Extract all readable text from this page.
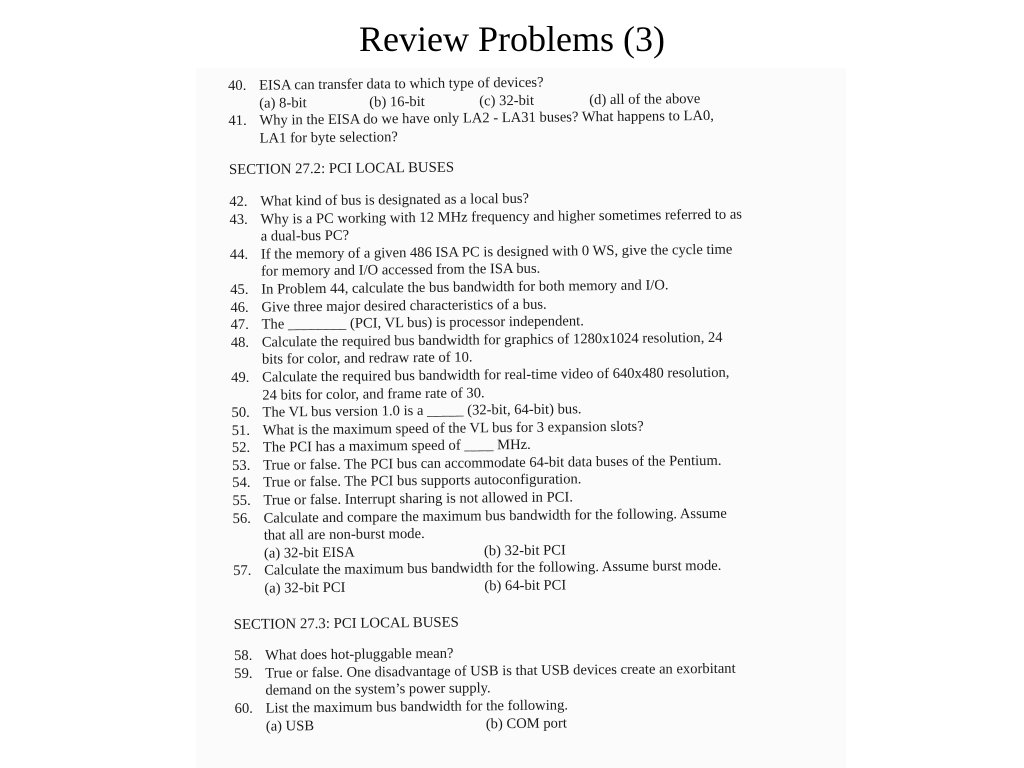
Review Problems (3)
40. EISA can transfer data to which type of devices?
(a) 8-bit	(b) 16-bit	(c) 32-bit	(d) all of the above
41. Why in the EISA do we have only LA2 - LA31 buses? What happens to LA0,
LA1 for byte selection?
SECTION 27.2: PCI LOCAL BUSES
42. What kind of bus is designated as a local bus?
43. Why is a PC working with 12 MHz frequency and higher sometimes referred to as
a dual-bus PC?
44. If the memory of a given 486 ISA PC is designed with 0 WS, give the cycle time
for memory and I/O accessed from the ISA bus.
45. In Problem 44, calculate the bus bandwidth for both memory and I/O.
46. Give three major desired characteristics of a bus.
47. The ________ (PCI, VL bus) is processor independent.
48. Calculate the required bus bandwidth for graphics of 1280x1024 resolution, 24
bits for color, and redraw rate of 10.
49. Calculate the required bus bandwidth for real-time video of 640x480 resolution,
24 bits for color, and frame rate of 30.
50. The VL bus version 1.0 is a _____ (32-bit, 64-bit) bus.
51. What is the maximum speed of the VL bus for 3 expansion slots?
52. The PCI has a maximum speed of ____ MHz.
53. True or false. The PCI bus can accommodate 64-bit data buses of the Pentium.
54. True or false. The PCI bus supports autoconfiguration.
55. True or false. Interrupt sharing is not allowed in PCI.
56. Calculate and compare the maximum bus bandwidth for the following. Assume
that all are non-burst mode.
(a) 32-bit EISA	(b) 32-bit PCI
57. Calculate the maximum bus bandwidth for the following. Assume burst mode.
(a) 32-bit PCI	(b) 64-bit PCI
SECTION 27.3: PCI LOCAL BUSES
58. What does hot-pluggable mean?
59. True or false. One disadvantage of USB is that USB devices create an exorbitant
demand on the system’s power supply.
60. List the maximum bus bandwidth for the following.
(a) USB	(b) COM port
